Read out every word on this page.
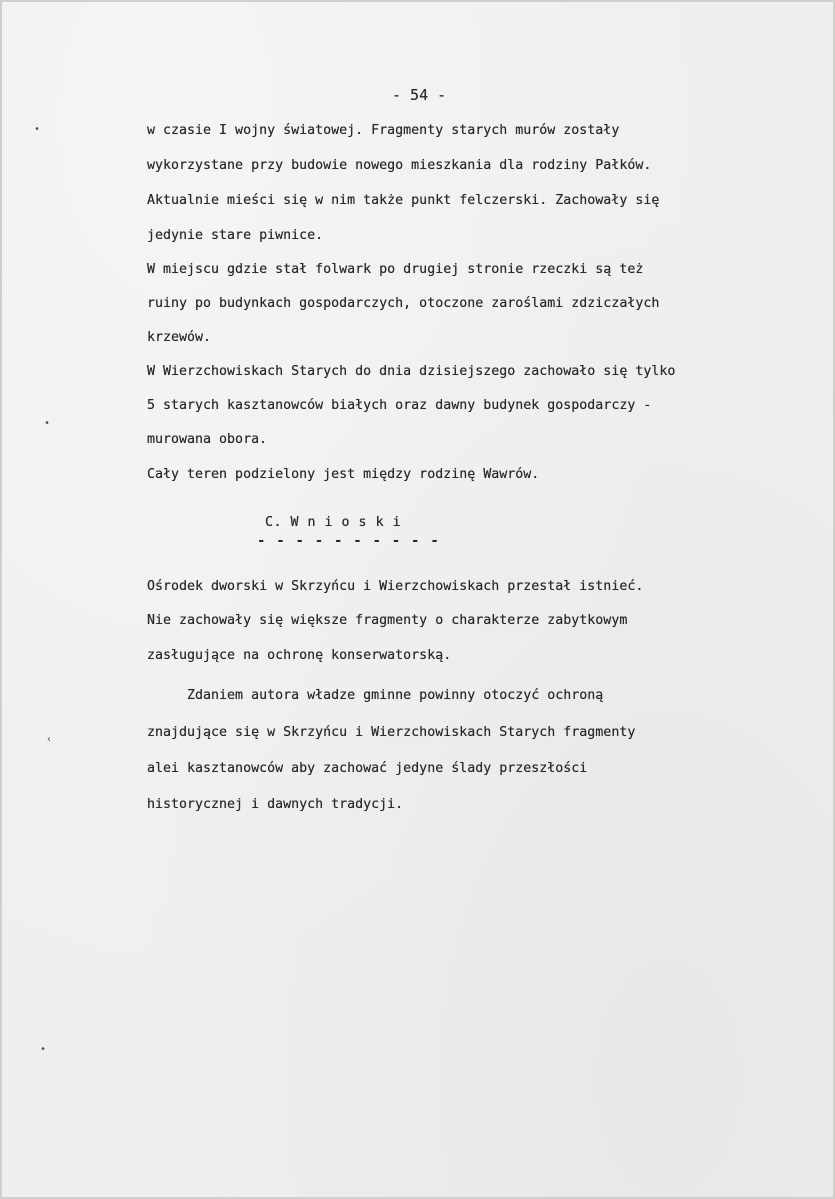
- 54 -
w czasie I wojny światowej. Fragmenty starych murów zostały
wykorzystane przy budowie nowego mieszkania dla rodziny Pałków.
Aktualnie mieści się w nim także punkt felczerski. Zachowały się
jedynie stare piwnice.
W miejscu gdzie stał folwark po drugiej stronie rzeczki są też
ruiny po budynkach gospodarczych, otoczone zaroślami zdziczałych
krzewów.
W Wierzchowiskach Starych do dnia dzisiejszego zachowało się tylko
5 starych kasztanowców białych oraz dawny budynek gospodarczy -
murowana obora.
Cały teren podzielony jest między rodzinę Wawrów.
C. W n i o s k i
- - - - - - - - - -
Ośrodek dworski w Skrzyńcu i Wierzchowiskach przestał istnieć.
Nie zachowały się większe fragmenty o charakterze zabytkowym
zasługujące na ochronę konserwatorską.
Zdaniem autora władze gminne powinny otoczyć ochroną
znajdujące się w Skrzyńcu i Wierzchowiskach Starych fragmenty
alei kasztanowców aby zachować jedyne ślady przeszłości
historycznej i dawnych tradycji.
•
•
‹
•
